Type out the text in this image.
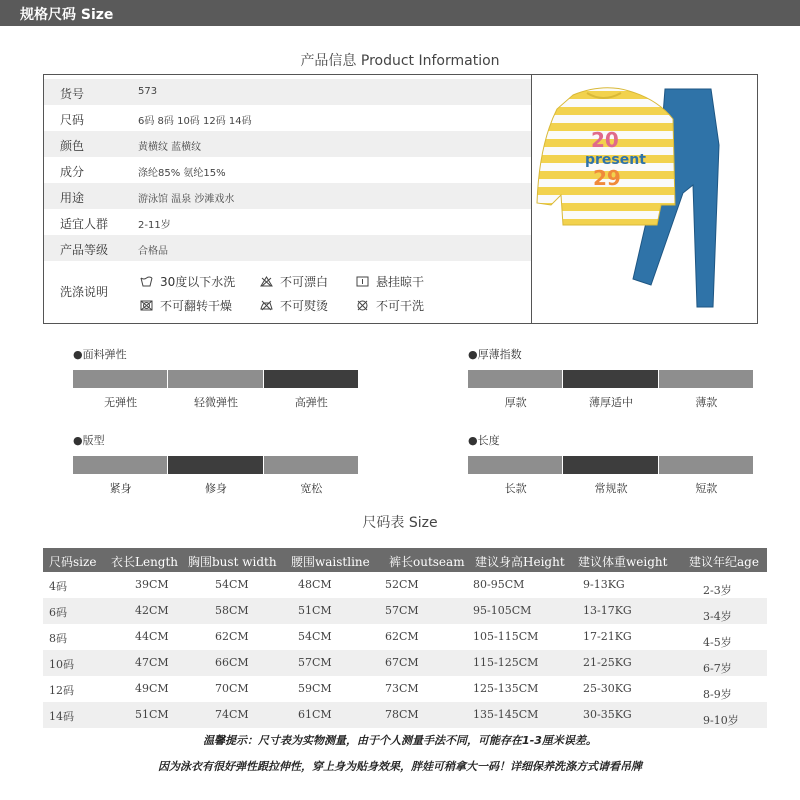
规格尺码 Size
产品信息 Product Information
货号	573
尺码	6码 8码 10码 12码 14码
颜色	黄横纹 蓝横纹
成分	涤纶85% 氨纶15%
用途	游泳馆 温泉 沙滩戏水
适宜人群	2-11岁
产品等级	合格品
洗涤说明
30度以下水洗	不可漂白	悬挂晾干
不可翻转干燥	不可熨烫	不可干洗
20
present
29
●面料弹性
无弹性	轻微弹性	高弹性
●厚薄指数
厚款	薄厚适中	薄款
●版型
紧身	修身	宽松
●长度
长款	常规款	短款
尺码表 Size
尺码size 衣长Length 胸围bust width 腰围waistline 裤长outseam 建议身高Height 建议体重weight 建议年纪age
4码	39CM	54CM	48CM	52CM	80-95CM	9-13KG	2-3岁
6码	42CM	58CM	51CM	57CM	95-105CM	13-17KG	3-4岁
8码	44CM	62CM	54CM	62CM	105-115CM	17-21KG	4-5岁
10码	47CM	66CM	57CM	67CM	115-125CM	21-25KG	6-7岁
12码	49CM	70CM	59CM	73CM	125-135CM	25-30KG	8-9岁
14码	51CM	74CM	61CM	78CM	135-145CM	30-35KG	9-10岁
温馨提示：尺寸表为实物测量，由于个人测量手法不同，可能存在1-3厘米误差。
因为泳衣有很好弹性跟拉伸性，穿上身为贴身效果，胖娃可稍拿大一码！详细保养洗涤方式请看吊牌
